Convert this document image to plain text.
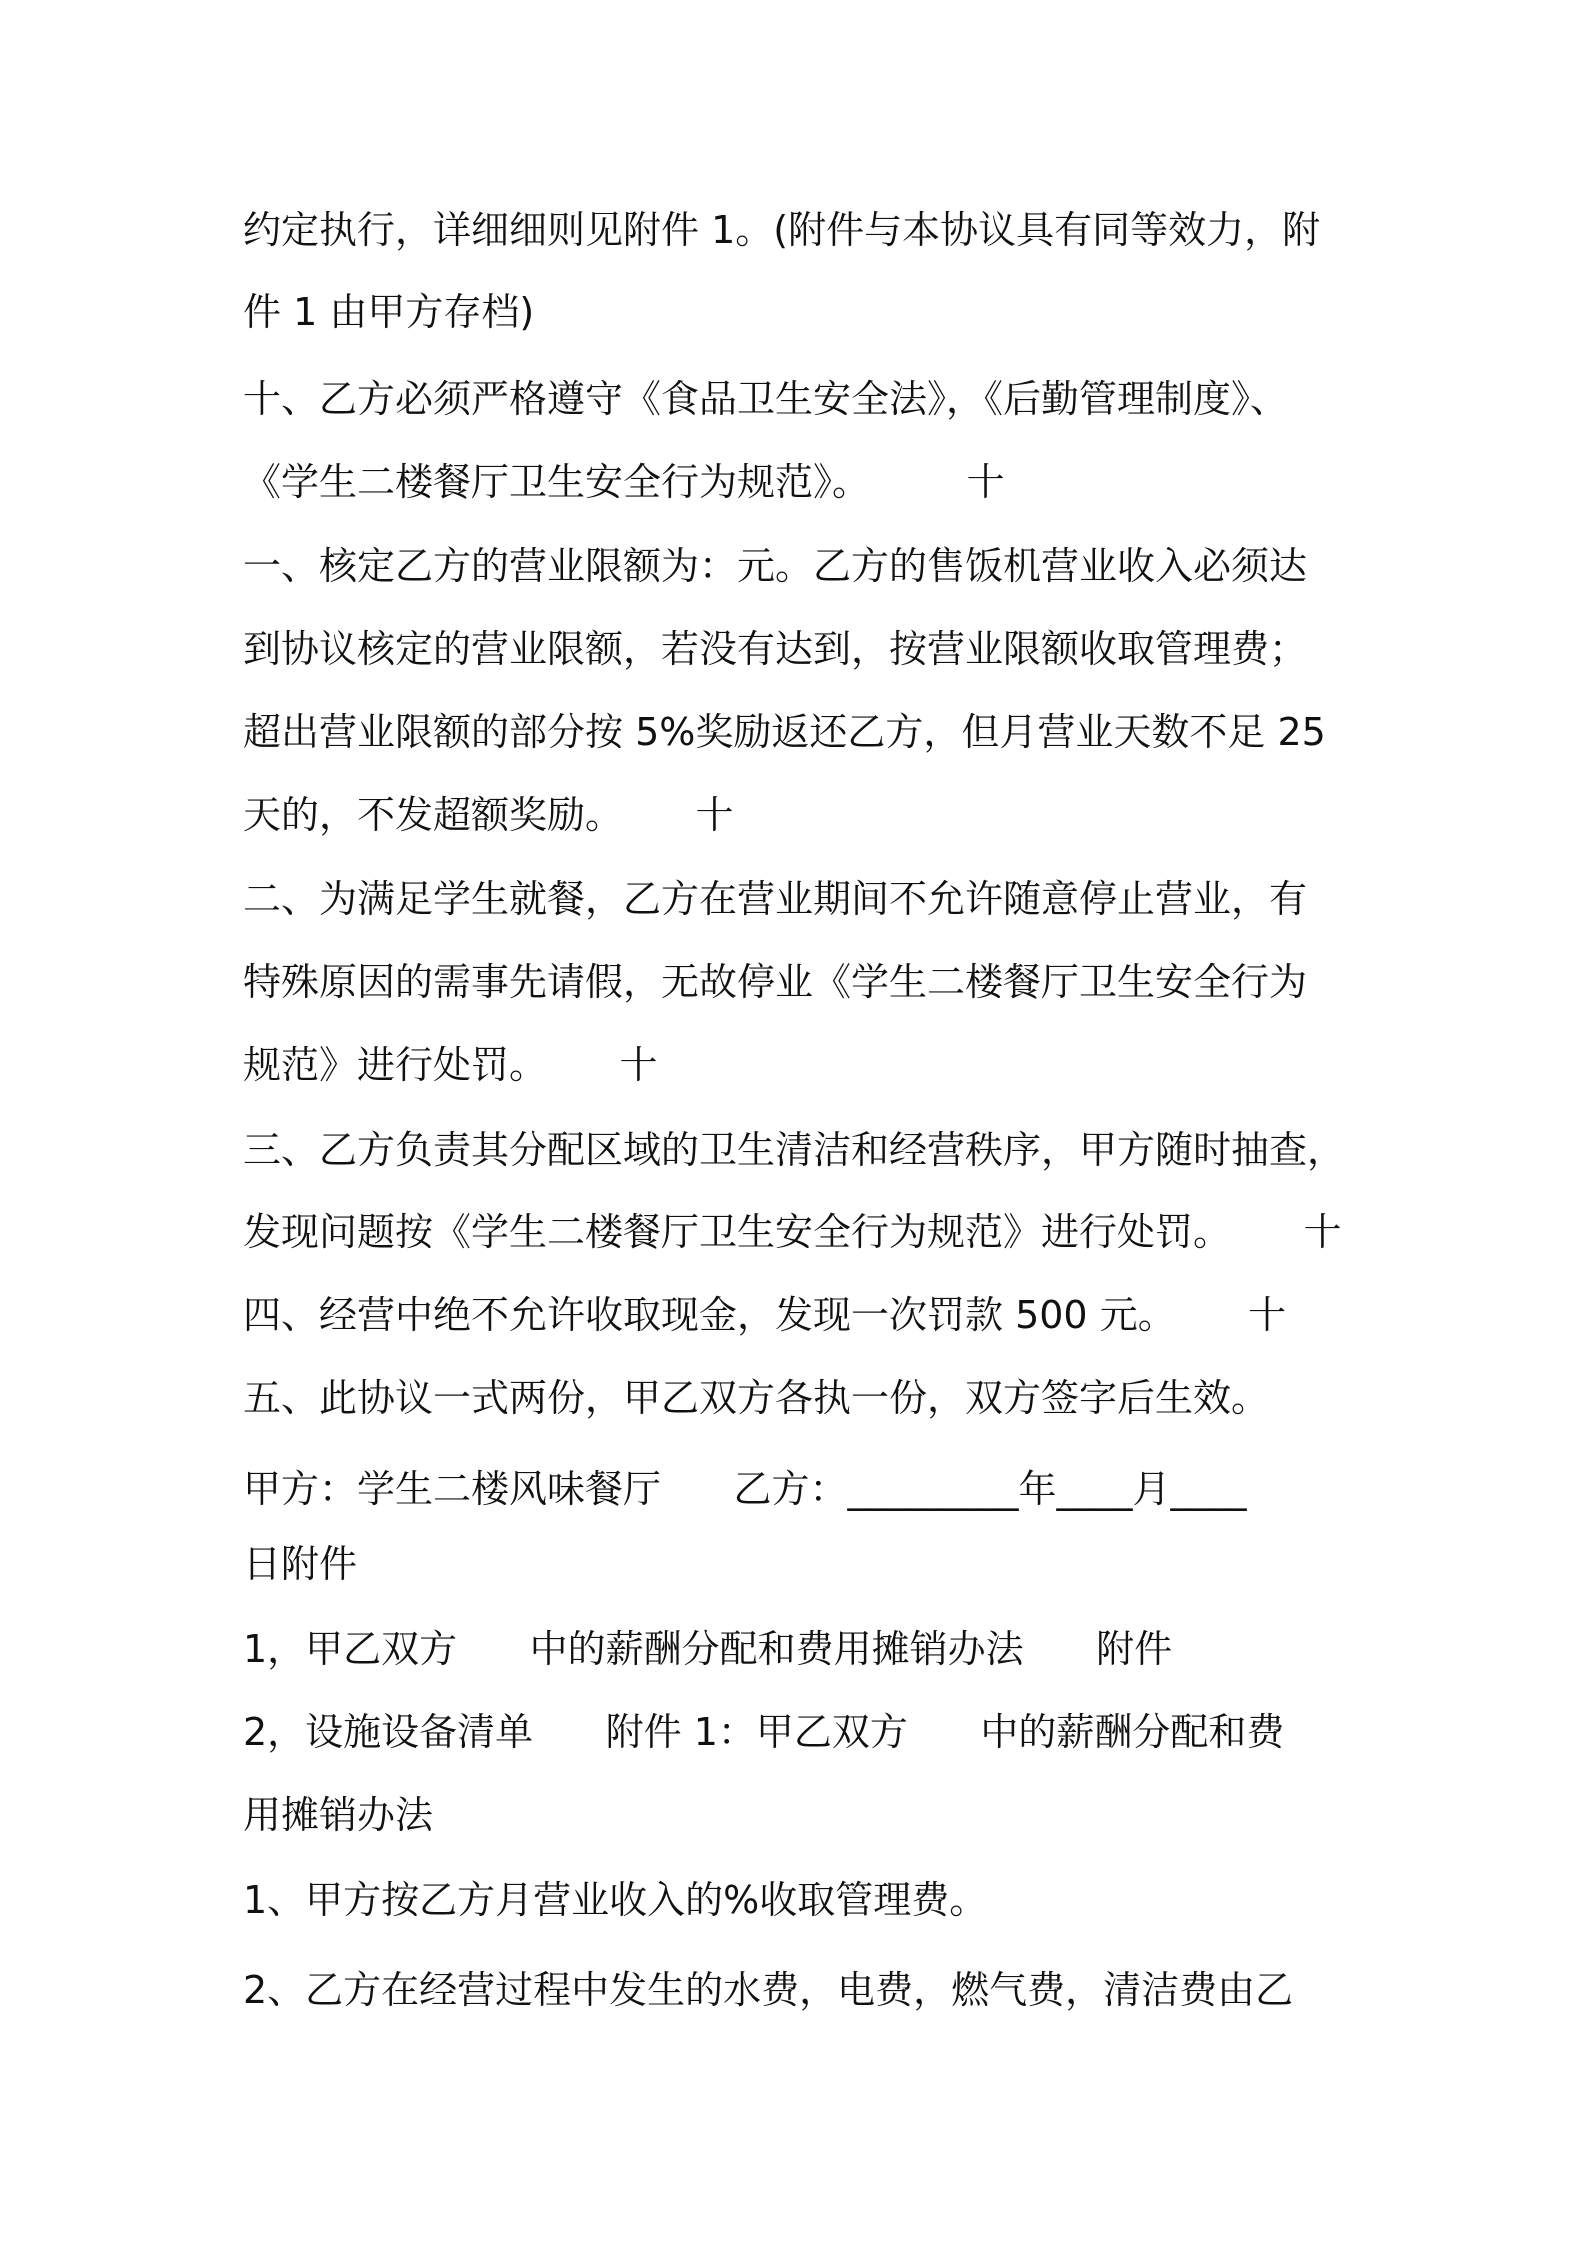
约定执行，详细细则见附件 1。(附件与本协议具有同等效力，附
件 1 由甲方存档)
十、乙方必须严格遵守《食品卫生安全法》，《后勤管理制度》、
《学生二楼餐厅卫生安全行为规范》。        十
一、核定乙方的营业限额为：元。乙方的售饭机营业收入必须达
到协议核定的营业限额，若没有达到，按营业限额收取管理费；
超出营业限额的部分按 5%奖励返还乙方，但月营业天数不足 25
天的，不发超额奖励。      十
二、为满足学生就餐，乙方在营业期间不允许随意停止营业，有
特殊原因的需事先请假，无故停业《学生二楼餐厅卫生安全行为
规范》进行处罚。      十
三、乙方负责其分配区域的卫生清洁和经营秩序，甲方随时抽查，
发现问题按《学生二楼餐厅卫生安全行为规范》进行处罚。      十
四、经营中绝不允许收取现金，发现一次罚款 500 元。      十
五、此协议一式两份，甲乙双方各执一份，双方签字后生效。
甲方：学生二楼风味餐厅      乙方：_________年____月____
日附件
1，甲乙双方      中的薪酬分配和费用摊销办法      附件
2，设施设备清单      附件 1：甲乙双方      中的薪酬分配和费
用摊销办法
1、甲方按乙方月营业收入的%收取管理费。
2、乙方在经营过程中发生的水费，电费，燃气费，清洁费由乙
